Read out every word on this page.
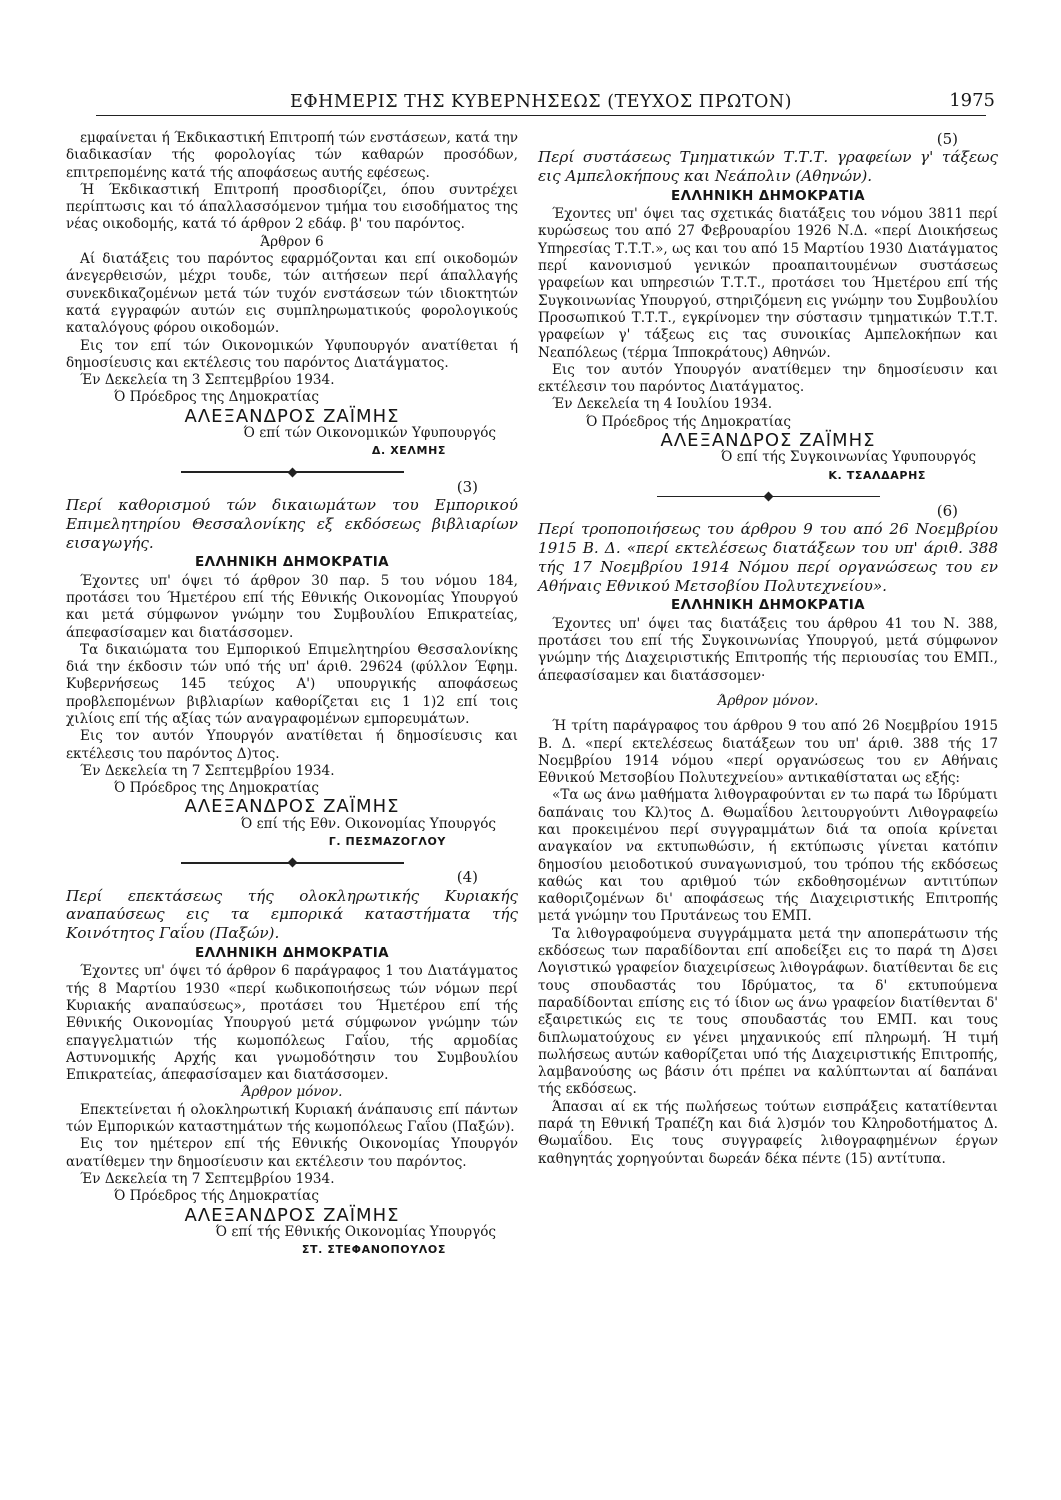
ΕΦΗΜΕΡΙΣ ΤΗΣ ΚΥΒΕΡΝΗΣΕΩΣ (ΤΕΥΧΟΣ ΠΡΩΤΟΝ)	1975

εμφαίνεται ή Έκδικαστική Επιτροπή τών ενστάσεων, κατά την διαδικασίαν τής φορολογίας τών καθαρών προσόδων, επιτρεπομένης κατά τής αποφάσεως αυτής εφέσεως.

Ή Έκδικαστική Επιτροπή προσδιορίζει, όπου συντρέχει περίπτωσις και τό άπαλλασσόμενον τμήμα του εισοδήματος της νέας οικοδομής, κατά τό άρθρον 2 εδάφ. β' του παρόντος.

Άρθρον 6

Αί διατάξεις του παρόντος εφαρμόζονται και επί οικοδομών άνεγερθεισών, μέχρι τουδε, τών αιτήσεων περί άπαλλαγής συνεκδικαζομένων μετά τών τυχόν ενστάσεων τών ιδιοκτητών κατά εγγραφών αυτών εις συμπληρωματικούς φορολογικούς καταλόγους φόρου οικοδομών.

Εις τον επί τών Οικονομικών Υφυπουργόν ανατίθεται ή δημοσίευσις και εκτέλεσις του παρόντος Διατάγματος.

Έν Δεκελεία τη 3 Σεπτεμβρίου 1934.

Ό Πρόεδρος της Δημοκρατίας
ΑΛΕΞΑΝΔΡΟΣ ΖΑΪΜΗΣ
Ό επί τών Οικονομικών Υφυπουργός
Δ. ΧΕΛΜΗΣ
(3)

Περί καθορισμού τών δικαιωμάτων του Εμπορικού Επιμελητηρίου Θεσσαλονίκης εξ εκδόσεως βιβλιαρίων εισαγωγής.

ΕΛΛΗΝΙΚΗ ΔΗΜΟΚΡΑΤΙΑ

Έχοντες υπ' όψει τό άρθρον 30 παρ. 5 του νόμου 184, προτάσει του Ήμετέρου επί τής Εθνικής Οικονομίας Υπουργού και μετά σύμφωνον γνώμην του Συμβουλίου Επικρατείας, άπεφασίσαμεν και διατάσσομεν.

Τα δικαιώματα του Εμπορικού Επιμελητηρίου Θεσσαλονίκης διά την έκδοσιν τών υπό τής υπ' άριθ. 29624 (φύλλον Έφημ. Κυβερνήσεως 145 τεύχος Α') υπουργικής αποφάσεως προβλεπομένων βιβλιαρίων καθορίζεται εις 1 1)2 επί τοις χιλίοις επί τής αξίας τών αναγραφομένων εμπορευμάτων.

Εις τον αυτόν Υπουργόν ανατίθεται ή δημοσίευσις και εκτέλεσις του παρόντος Δ)τος.

Έν Δεκελεία τη 7 Σεπτεμβρίου 1934.

Ό Πρόεδρος της Δημοκρατίας
ΑΛΕΞΑΝΔΡΟΣ ΖΑΪΜΗΣ
Ό επί τής Εθν. Οικονομίας Υπουργός
Γ. ΠΕΣΜΑΖΟΓΛΟΥ
(4)

Περί επεκτάσεως τής ολοκληρωτικής Κυριακής αναπαύσεως εις τα εμπορικά καταστήματα τής Κοινότητος Γαΐου (Παξών).

ΕΛΛΗΝΙΚΗ ΔΗΜΟΚΡΑΤΙΑ

Έχοντες υπ' όψει τό άρθρον 6 παράγραφος 1 του Διατάγματος τής 8 Μαρτίου 1930 «περί κωδικοποιήσεως τών νόμων περί Κυριακής αναπαύσεως», προτάσει του Ήμετέρου επί τής Εθνικής Οικονομίας Υπουργού μετά σύμφωνον γνώμην τών επαγγελματιών τής κωμοπόλεως Γαΐου, τής αρμοδίας Αστυνομικής Αρχής και γνωμοδότησιν του Συμβουλίου Επικρατείας, άπεφασίσαμεν και διατάσσομεν.

Άρθρον μόνον.

Επεκτείνεται ή ολοκληρωτική Κυριακή άνάπαυσις επί πάντων τών Εμπορικών καταστημάτων τής κωμοπόλεως Γαΐου (Παξών).

Εις τον ημέτερον επί τής Εθνικής Οικονομίας Υπουργόν ανατίθεμεν την δημοσίευσιν και εκτέλεσιν του παρόντος.

Έν Δεκελεία τη 7 Σεπτεμβρίου 1934.

Ό Πρόεδρος τής Δημοκρατίας
ΑΛΕΞΑΝΔΡΟΣ ΖΑΪΜΗΣ
Ό επί τής Εθνικής Οικονομίας Υπουργός
ΣΤ. ΣΤΕΦΑΝΟΠΟΥΛΟΣ
(5)

Περί συστάσεως Τμηματικών Τ.Τ.Τ. γραφείων γ' τάξεως εις Αμπελοκήπους και Νεάπολιν (Αθηνών).

ΕΛΛΗΝΙΚΗ ΔΗΜΟΚΡΑΤΙΑ

Έχοντες υπ' όψει τας σχετικάς διατάξεις του νόμου 3811 περί κυρώσεως του από 27 Φεβρουαρίου 1926 Ν.Δ. «περί Διοικήσεως Υπηρεσίας Τ.Τ.Τ.», ως και του από 15 Μαρτίου 1930 Διατάγματος περί κανονισμού γενικών προαπαιτουμένων συστάσεως γραφείων και υπηρεσιών Τ.Τ.Τ., προτάσει του Ήμετέρου επί τής Συγκοινωνίας Υπουργού, στηριζόμενη εις γνώμην του Συμβουλίου Προσωπικού Τ.Τ.Τ., εγκρίνομεν την σύστασιν τμηματικών Τ.Τ.Τ. γραφείων γ' τάξεως εις τας συνοικίας Αμπελοκήπων και Νεαπόλεως (τέρμα Ίπποκράτους) Αθηνών.

Εις τον αυτόν Υπουργόν ανατίθεμεν την δημοσίευσιν και εκτέλεσιν του παρόντος Διατάγματος.

Έν Δεκελεία τη 4 Ιουλίου 1934.

Ό Πρόεδρος τής Δημοκρατίας
ΑΛΕΞΑΝΔΡΟΣ ΖΑΪΜΗΣ
Ό επί τής Συγκοινωνίας Υφυπουργός
Κ. ΤΣΑΛΔΑΡΗΣ
(6)

Περί τροποποιήσεως του άρθρου 9 του από 26 Νοεμβρίου 1915 Β. Δ. «περί εκτελέσεως διατάξεων του υπ' άριθ. 388 τής 17 Νοεμβρίου 1914 Νόμου περί οργανώσεως του εν Αθήναις Εθνικού Μετσοβίου Πολυτεχνείου».

ΕΛΛΗΝΙΚΗ ΔΗΜΟΚΡΑΤΙΑ

Έχοντες υπ' όψει τας διατάξεις του άρθρου 41 του Ν. 388, προτάσει του επί τής Συγκοινωνίας Υπουργού, μετά σύμφωνον γνώμην τής Διαχειριστικής Επιτροπής τής περιουσίας του ΕΜΠ., άπεφασίσαμεν και διατάσσομεν·

Άρθρον μόνον.

Ή τρίτη παράγραφος του άρθρου 9 του από 26 Νοεμβρίου 1915 Β. Δ. «περί εκτελέσεως διατάξεων του υπ' άριθ. 388 τής 17 Νοεμβρίου 1914 νόμου «περί οργανώσεως του εν Αθήναις Εθνικού Μετσοβίου Πολυτεχνείου» αντικαθίσταται ως εξής:

«Τα ως άνω μαθήματα λιθογραφούνται εν τω παρά τω Ιδρύματι δαπάναις του Κλ)τος Δ. Θωμαΐδου λειτουργούντι Λιθογραφείω και προκειμένου περί συγγραμμάτων διά τα οποία κρίνεται αναγκαίον να εκτυπωθώσιν, ή εκτύπωσις γίνεται κατόπιν δημοσίου μειοδοτικού συναγωνισμού, του τρόπου τής εκδόσεως καθώς και του αριθμού τών εκδοθησομένων αντιτύπων καθοριζομένων δι' αποφάσεως τής Διαχειριστικής Επιτροπής μετά γνώμην του Πρυτάνεως του ΕΜΠ.

Τα λιθογραφούμενα συγγράμματα μετά την αποπεράτωσιν τής εκδόσεως των παραδίδονται επί αποδείξει εις το παρά τη Δ)σει Λογιστικώ γραφείον διαχειρίσεως λιθογράφων. διατίθενται δε εις τους σπουδαστάς του Ιδρύματος, τα δ' εκτυπούμενα παραδίδονται επίσης εις τό ίδιον ως άνω γραφείον διατίθενται δ' εξαιρετικώς εις τε τους σπουδαστάς του ΕΜΠ. και τους διπλωματούχους εν γένει μηχανικούς επί πληρωμή. Ή τιμή πωλήσεως αυτών καθορίζεται υπό τής Διαχειριστικής Επιτροπής, λαμβανούσης ως βάσιν ότι πρέπει να καλύπτωνται αί δαπάναι τής εκδόσεως.

Άπασαι αί εκ τής πωλήσεως τούτων εισπράξεις κατατίθενται παρά τη Εθνική Τραπέζη και διά λ)σμόν του Κληροδοτήματος Δ. Θωμαΐδου. Εις τους συγγραφείς λιθογραφημένων έργων καθηγητάς χορηγούνται δωρεάν δέκα πέντε (15) αντίτυπα.
